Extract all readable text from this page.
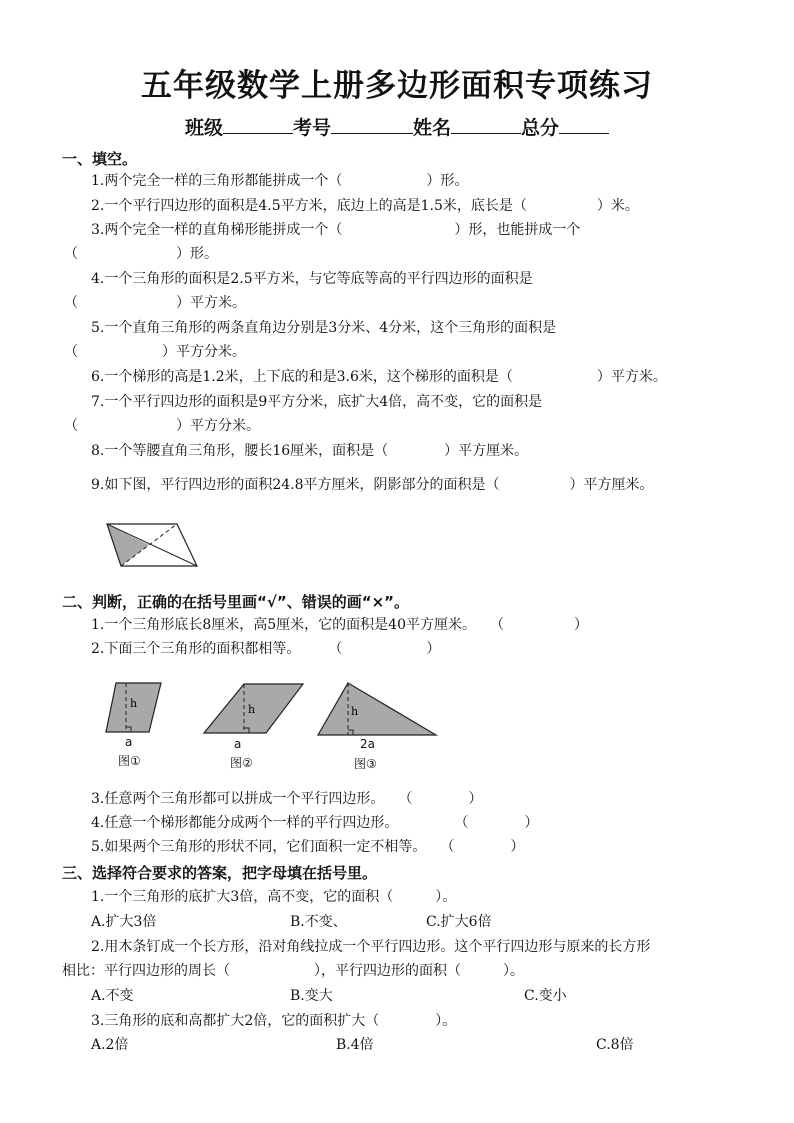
五年级数学上册多边形面积专项练习
班级	考号	姓名	总分
一、填空。
1.两个完全一样的三角形都能拼成一个（　　　　　　）形。
2.一个平行四边形的面积是4.5平方米，底边上的高是1.5米，底长是（　　　　　）米。
3.两个完全一样的直角梯形能拼成一个（　　　　　　　　）形，也能拼成一个
（　　　　　　　）形。
4.一个三角形的面积是2.5平方米，与它等底等高的平行四边形的面积是
（　　　　　　　）平方米。
5.一个直角三角形的两条直角边分别是3分米、4分米，这个三角形的面积是
（　　　　　　）平方分米。
6.一个梯形的高是1.2米，上下底的和是3.6米，这个梯形的面积是（　　　　　　）平方米。
7.一个平行四边形的面积是9平方分米，底扩大4倍，高不变，它的面积是
（　　　　　　　）平方分米。
8.一个等腰直角三角形，腰长16厘米，面积是（　　　　）平方厘米。
9.如下图，平行四边形的面积24.8平方厘米，阴影部分的面积是（　　　　　）平方厘米。
二、判断，正确的在括号里画“√”、错误的画“×”。
1.一个三角形底长8厘米，高5厘米，它的面积是40平方厘米。　　（　　　　　）
2.下面三个三角形的面积都相等。　　　（　　　　　　）
h
a
图①
h
a
图②
h
2a
图③
3.任意两个三角形都可以拼成一个平行四边形。　　（　　　　）
4.任意一个梯形都能分成两个一样的平行四边形。　　　　　（　　　　）
5.如果两个三角形的形状不同，它们面积一定不相等。　　（　　　　）
三、选择符合要求的答案，把字母填在括号里。
1.一个三角形的底扩大3倍，高不变，它的面积（　　　）。
A.扩大3倍	B.不变、	C.扩大6倍
2.用木条钉成一个长方形，沿对角线拉成一个平行四边形。这个平行四边形与原来的长方形
相比：平行四边形的周长（　　　　　　），平行四边形的面积（　　　）。
A.不变	B.变大	C.变小
3.三角形的底和高都扩大2倍，它的面积扩大（　　　　）。
A.2倍	B.4倍	C.8倍
